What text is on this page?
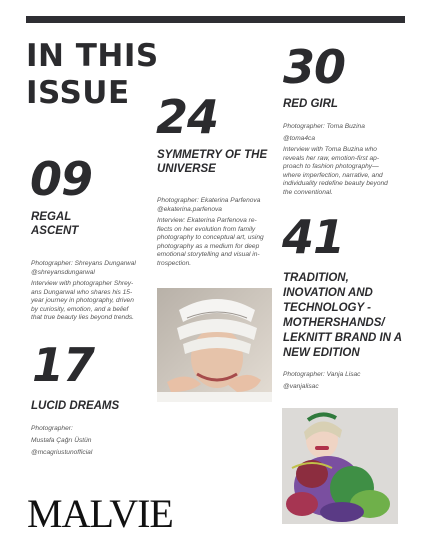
IN THIS
ISSUE
09
REGAL
ASCENT
Photographer: Shreyans Dungarwal
@shreyansdungarwal
Interview with photographer Shrey-
ans Dungarwal who shares his 15-
year journey in photography, driven
by curiosity, emotion, and a belief
that true beauty lies beyond trends.
17
LUCID DREAMS
Photographer:
Mustafa Çağrı Üstün
@mcagriustunofficial
24
SYMMETRY OF THE
UNIVERSE
Photographer: Ekaterina Parfenova
@ekaterina.parfenova
Interview: Ekaterina Parfenova re-
flects on her evolution from family
photography to conceptual art, using
photography as a medium for deep
emotional storytelling and visual in-
trospection.
30
RED GIRL
Photographer: Toma Buzina
@toma4ca
Interview with Toma Buzina who
reveals her raw, emotion-first ap-
proach to fashion photography—
where imperfection, narrative, and
individuality redefine beauty beyond
the conventional.
41
TRADITION,
INOVATION AND
TECHNOLOGY -
MOTHERSHANDS/
LEKNITT BRAND IN A
NEW EDITION
Photographer: Vanja Lisac
@vanjalisac
MALVIE
